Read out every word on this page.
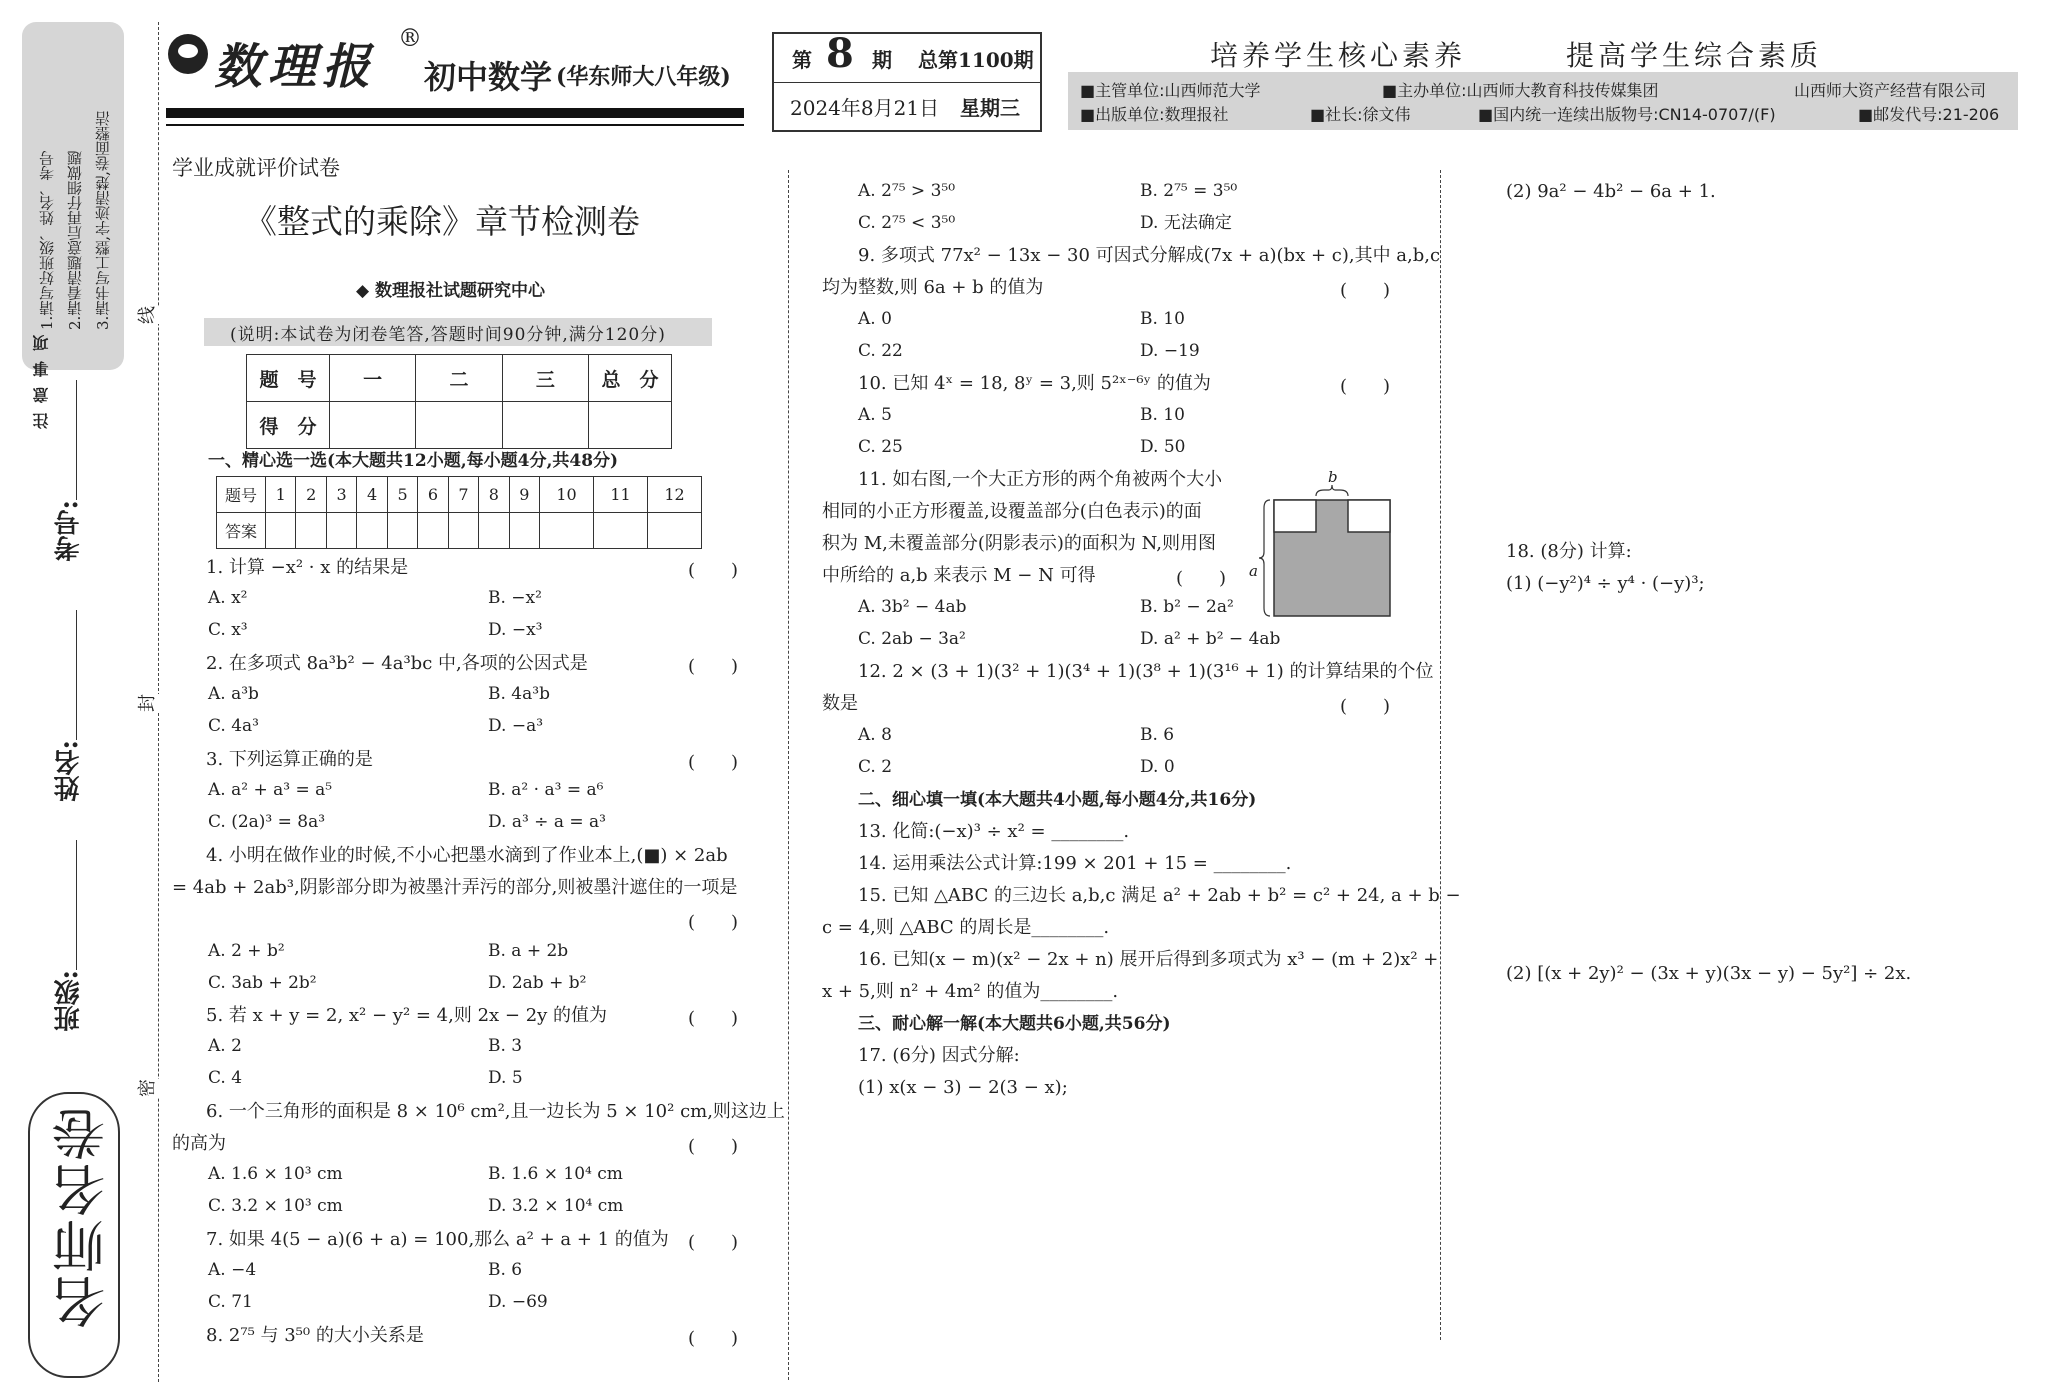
注意事项
1.请写好班级、姓名、考号 2.请看清题意后再仔细做题 3.请书写工整,字迹清楚,卷面整洁
考号:
姓名:
班级:
线
封
密
名师名卷
数理报
®
初中数学 (华东师大八年级)
第 8 期 总第1100期
2024年8月21日 星期三
培养学生核心素养	提高学生综合素质
■主管单位:山西师范大学	■主办单位:山西师大教育科技传媒集团	山西师大资产经营有限公司
■出版单位:数理报社	■社长:徐文伟	■国内统一连续出版物号:CN14-0707/(F)	■邮发代号:21-206
学业成就评价试卷
《整式的乘除》章节检测卷
◆ 数理报社试题研究中心
(说明:本试卷为闭卷笔答,答题时间90分钟,满分120分)
题　号	一	二	三	总　分
得　分				
一、精心选一选(本大题共12小题,每小题4分,共48分)
题号	1	2	3	4	5	6	7	8	9	10	11	12
答案												
1. 计算 −x² · x 的结果是	(　　)
A. x²	B. −x²
C. x³	D. −x³
2. 在多项式 8a³b² − 4a³bc 中,各项的公因式是	(　　)
A. a³b	B. 4a³b
C. 4a³	D. −a³
3. 下列运算正确的是	(　　)
A. a² + a³ = a⁵	B. a² · a³ = a⁶
C. (2a)³ = 8a³	D. a³ ÷ a = a³
4. 小明在做作业的时候,不小心把墨水滴到了作业本上,(■) × 2ab
= 4ab + 2ab³,阴影部分即为被墨汁弄污的部分,则被墨汁遮住的一项是
(　　)
A. 2 + b²	B. a + 2b
C. 3ab + 2b²	D. 2ab + b²
5. 若 x + y = 2, x² − y² = 4,则 2x − 2y 的值为	(　　)
A. 2	B. 3
C. 4	D. 5
6. 一个三角形的面积是 8 × 10⁶ cm²,且一边长为 5 × 10² cm,则这边上
的高为	(　　)
A. 1.6 × 10³ cm	B. 1.6 × 10⁴ cm
C. 3.2 × 10³ cm	D. 3.2 × 10⁴ cm
7. 如果 4(5 − a)(6 + a) = 100,那么 a² + a + 1 的值为 (　　)
A. −4	B. 6
C. 71	D. −69
8. 2⁷⁵ 与 3⁵⁰ 的大小关系是	(　　)
A. 2⁷⁵ > 3⁵⁰	B. 2⁷⁵ = 3⁵⁰
C. 2⁷⁵ < 3⁵⁰	D. 无法确定
9. 多项式 77x² − 13x − 30 可因式分解成(7x + a)(bx + c),其中 a,b,c
均为整数,则 6a + b 的值为	(　　)
A. 0	B. 10
C. 22	D. −19
10. 已知 4ˣ = 18, 8ʸ = 3,则 5²ˣ⁻⁶ʸ 的值为	(　　)
A. 5	B. 10
C. 25	D. 50
11. 如右图,一个大正方形的两个角被两个大小
相同的小正方形覆盖,设覆盖部分(白色表示)的面
积为 M,未覆盖部分(阴影表示)的面积为 N,则用图
中所给的 a,b 来表示 M − N 可得	(　　)
b
a
A. 3b² − 4ab	B. b² − 2a²
C. 2ab − 3a²	D. a² + b² − 4ab
12. 2 × (3 + 1)(3² + 1)(3⁴ + 1)(3⁸ + 1)(3¹⁶ + 1) 的计算结果的个位
数是	(　　)
A. 8	B. 6
C. 2	D. 0
二、细心填一填(本大题共4小题,每小题4分,共16分)
13. 化简:(−x)³ ÷ x² = ________.
14. 运用乘法公式计算:199 × 201 + 15 = ________.
15. 已知 △ABC 的三边长 a,b,c 满足 a² + 2ab + b² = c² + 24, a + b −
c = 4,则 △ABC 的周长是________.
16. 已知(x − m)(x² − 2x + n) 展开后得到多项式为 x³ − (m + 2)x² +
x + 5,则 n² + 4m² 的值为________.
三、耐心解一解(本大题共6小题,共56分)
17. (6分) 因式分解:
(1) x(x − 3) − 2(3 − x);
(2) 9a² − 4b² − 6a + 1.
18. (8分) 计算:
(1) (−y²)⁴ ÷ y⁴ · (−y)³;
(2) [(x + 2y)² − (3x + y)(3x − y) − 5y²] ÷ 2x.
